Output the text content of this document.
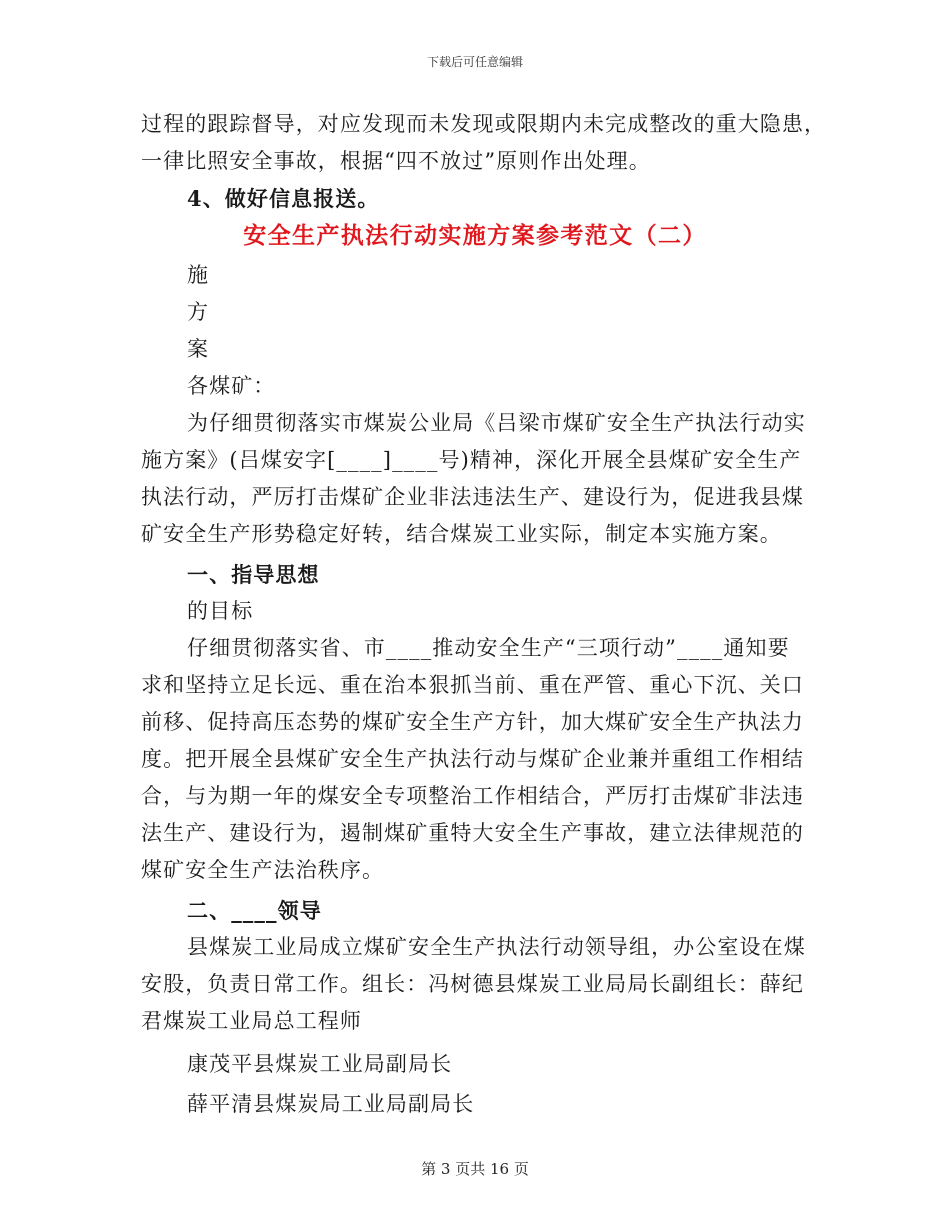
下载后可任意编辑

过程的跟踪督导，对应发现而未发现或限期内未完成整改的重大隐患，

一律比照安全事故，根据“四不放过”原则作出处理。

4、做好信息报送。

安全生产执法行动实施方案参考范文（二）

施

方

案

各煤矿：

为仔细贯彻落实市煤炭公业局《吕梁市煤矿安全生产执法行动实

施方案》(吕煤安字[____]____号)精神，深化开展全县煤矿安全生产

执法行动，严厉打击煤矿企业非法违法生产、建设行为，促进我县煤

矿安全生产形势稳定好转，结合煤炭工业实际，制定本实施方案。

一、指导思想

的目标

仔细贯彻落实省、市____推动安全生产“三项行动”____通知要

求和坚持立足长远、重在治本狠抓当前、重在严管、重心下沉、关口

前移、促持高压态势的煤矿安全生产方针，加大煤矿安全生产执法力

度。把开展全县煤矿安全生产执法行动与煤矿企业兼并重组工作相结

合，与为期一年的煤安全专项整治工作相结合，严厉打击煤矿非法违

法生产、建设行为，遏制煤矿重特大安全生产事故，建立法律规范的

煤矿安全生产法治秩序。

二、____领导

县煤炭工业局成立煤矿安全生产执法行动领导组，办公室设在煤

安股，负责日常工作。组长：冯树德县煤炭工业局局长副组长：薛纪

君煤炭工业局总工程师

康茂平县煤炭工业局副局长

薛平清县煤炭局工业局副局长

第 3 页共 16 页
